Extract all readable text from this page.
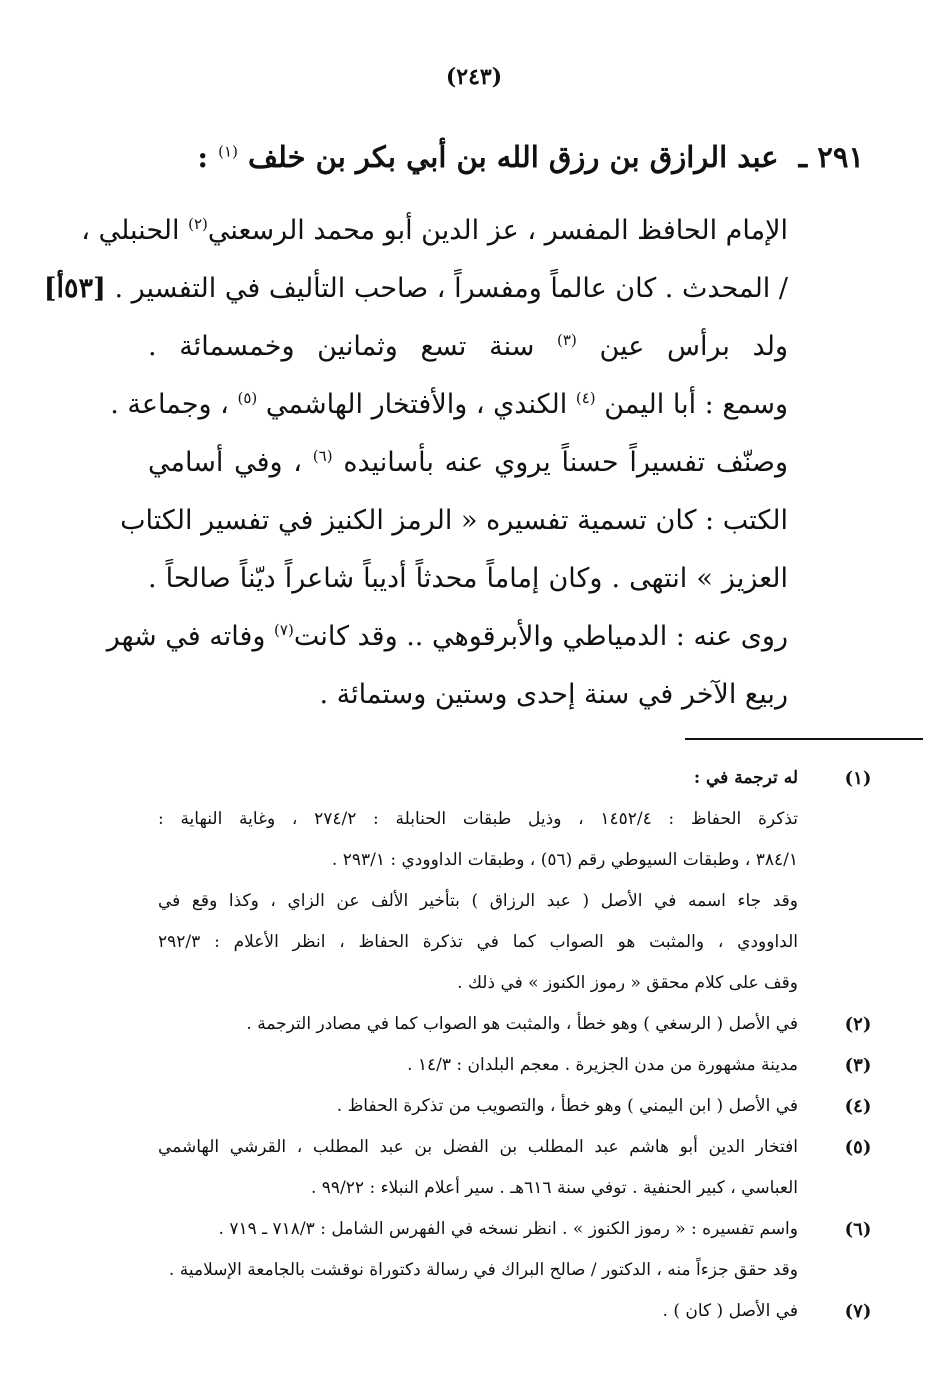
(٢٤٣)
٢٩١ ـ عبد الرازق بن رزق الله بن أبي بكر بن خلف $^{(١)}$ :
الإمام الحافظ المفسر ، عز الدين أبو محمد الرسعني$^{(٢)}$ الحنبلي ،
/ المحدث . كان عالماً ومفسراً ، صاحب التأليف في التفسير . [٥٣أ]
ولد برأس عين $^{(٣)}$ سنة تسع وثمانين وخمسمائة .
وسمع : أبا اليمن $^{(٤)}$ الكندي ، والأفتخار الهاشمي $^{(٥)}$ ، وجماعة .
وصنّف تفسيراً حسناً يروي عنه بأسانيده $^{(٦)}$ ، وفي أسامي
الكتب : كان تسمية تفسيره « الرمز الكنيز في تفسير الكتاب
العزيز » انتهى . وكان إماماً محدثاً أديباً شاعراً ديّناً صالحاً .
روى عنه : الدمياطي والأبرقوهي .. وقد كانت$^{(٧)}$ وفاته في شهر
ربيع الآخر في سنة إحدى وستين وستمائة .
(١)
له ترجمة في :
تذكرة الحفاظ : ١٤٥٢/٤ ، وذيل طبقات الحنابلة : ٢٧٤/٢ ، وغاية النهاية :
٣٨٤/١ ، وطبقات السيوطي رقم (٥٦) ، وطبقات الداوودي : ٢٩٣/١ .
وقد جاء اسمه في الأصل ( عبد الرزاق ) بتأخير الألف عن الزاي ، وكذا وقع في
الداوودي ، والمثبت هو الصواب كما في تذكرة الحفاظ ، انظر الأعلام : ٢٩٢/٣
وقف على كلام محقق « رموز الكنوز » في ذلك .
(٢)
في الأصل ( الرسغي ) وهو خطأ ، والمثبت هو الصواب كما في مصادر الترجمة .
(٣)
مدينة مشهورة من مدن الجزيرة . معجم البلدان : ١٤/٣ .
(٤)
في الأصل ( ابن اليمني ) وهو خطأ ، والتصويب من تذكرة الحفاظ .
(٥)
افتخار الدين أبو هاشم عبد المطلب بن الفضل بن عبد المطلب ، القرشي الهاشمي
العباسي ، كبير الحنفية . توفي سنة ٦١٦هـ . سير أعلام النبلاء : ٩٩/٢٢ .
(٦)
واسم تفسيره : « رموز الكنوز » . انظر نسخه في الفهرس الشامل : ٧١٨/٣ ـ ٧١٩ .
وقد حقق جزءاً منه ، الدكتور / صالح البراك في رسالة دكتوراة نوقشت بالجامعة الإسلامية .
(٧)
في الأصل ( كان ) .
